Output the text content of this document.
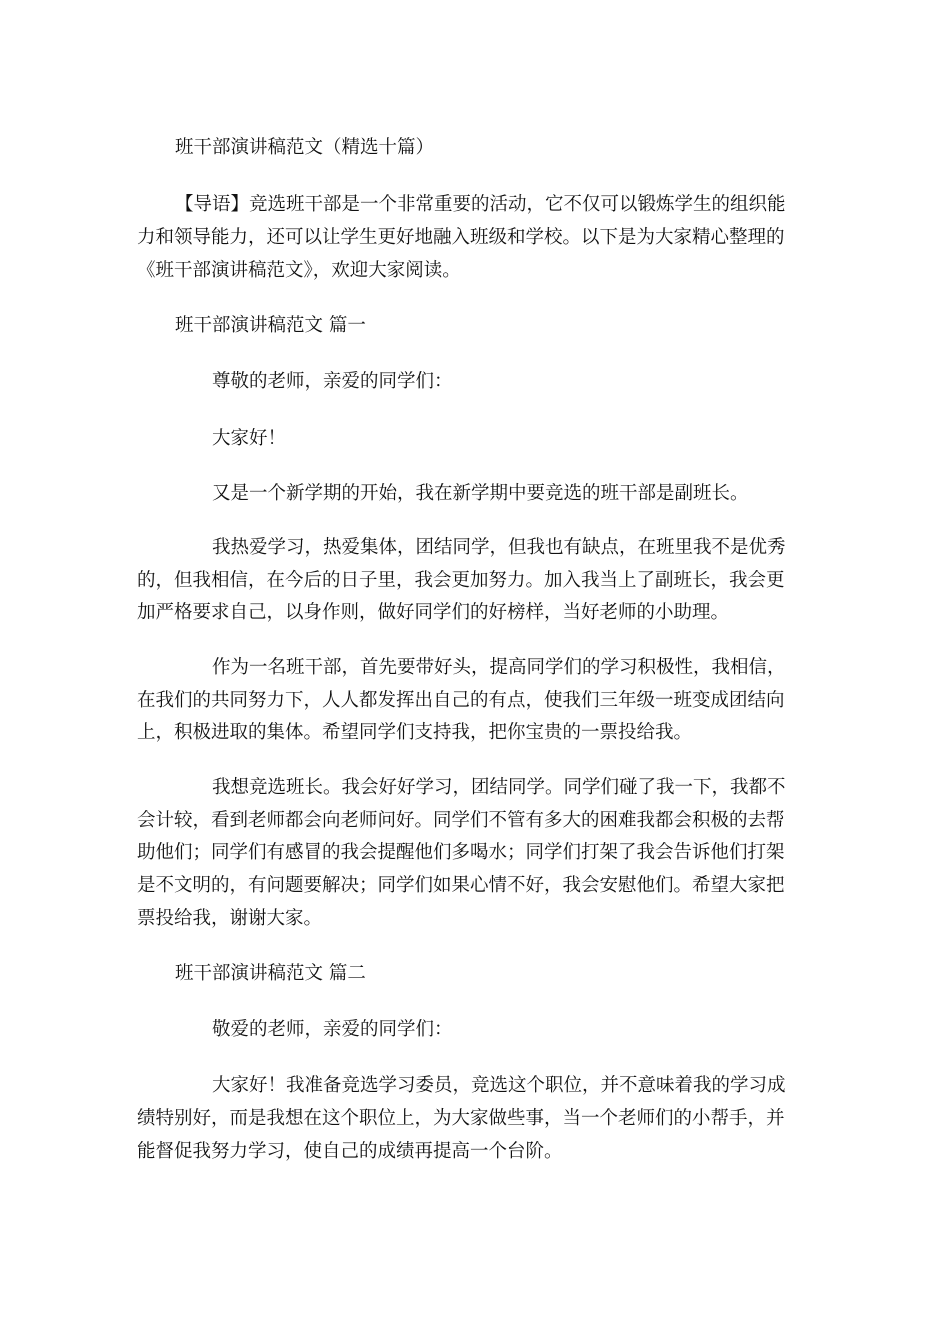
班干部演讲稿范文（精选十篇）
【导语】竞选班干部是一个非常重要的活动，它不仅可以锻炼学生的组织能
力和领导能力，还可以让学生更好地融入班级和学校。以下是为大家精心整理的
《班干部演讲稿范文》，欢迎大家阅读。
班干部演讲稿范文 篇一
尊敬的老师，亲爱的同学们：
大家好！
又是一个新学期的开始，我在新学期中要竞选的班干部是副班长。
我热爱学习，热爱集体，团结同学，但我也有缺点，在班里我不是优秀
的，但我相信，在今后的日子里，我会更加努力。加入我当上了副班长，我会更
加严格要求自己，以身作则，做好同学们的好榜样，当好老师的小助理。
作为一名班干部，首先要带好头，提高同学们的学习积极性，我相信，
在我们的共同努力下，人人都发挥出自己的有点，使我们三年级一班变成团结向
上，积极进取的集体。希望同学们支持我，把你宝贵的一票投给我。
我想竞选班长。我会好好学习，团结同学。同学们碰了我一下，我都不
会计较，看到老师都会向老师问好。同学们不管有多大的困难我都会积极的去帮
助他们；同学们有感冒的我会提醒他们多喝水；同学们打架了我会告诉他们打架
是不文明的，有问题要解决；同学们如果心情不好，我会安慰他们。希望大家把
票投给我，谢谢大家。
班干部演讲稿范文 篇二
敬爱的老师，亲爱的同学们：
大家好！我准备竞选学习委员，竞选这个职位，并不意味着我的学习成
绩特别好，而是我想在这个职位上，为大家做些事，当一个老师们的小帮手，并
能督促我努力学习，使自己的成绩再提高一个台阶。
